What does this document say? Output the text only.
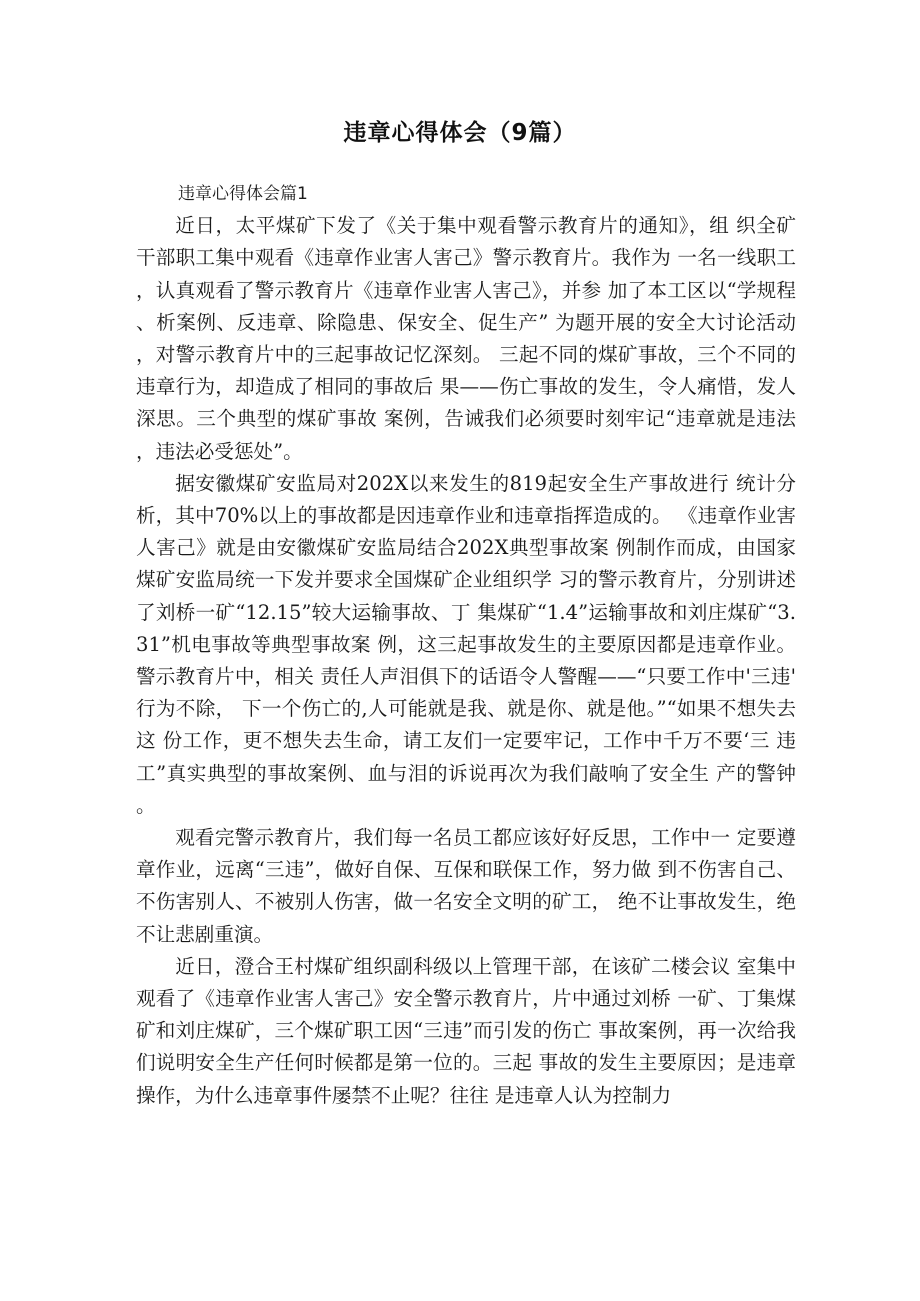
违章心得体会（9篇）
违章心得体会篇1

近日，太平煤矿下发了《关于集中观看警示教育片的通知》，组 织全矿干部职工集中观看《违章作业害人害己》警示教育片。我作为 一名一线职工，认真观看了警示教育片《违章作业害人害己》，并参 加了本工区以“学规程、析案例、反违章、除隐患、保安全、促生产” 为题开展的安全大讨论活动，对警示教育片中的三起事故记忆深刻。 三起不同的煤矿事故，三个不同的违章行为，却造成了相同的事故后 果——伤亡事故的发生，令人痛惜，发人深思。三个典型的煤矿事故 案例，告诫我们必须要时刻牢记“违章就是违法，违法必受惩处”。

据安徽煤矿安监局对202X以来发生的819起安全生产事故进行 统计分析，其中70%以上的事故都是因违章作业和违章指挥造成的。 《违章作业害人害己》就是由安徽煤矿安监局结合202X典型事故案 例制作而成，由国家煤矿安监局统一下发并要求全国煤矿企业组织学 习的警示教育片，分别讲述了刘桥一矿“12.15”较大运输事故、丁 集煤矿“1.4”运输事故和刘庄煤矿“3.31”机电事故等典型事故案 例，这三起事故发生的主要原因都是违章作业。警示教育片中，相关 责任人声泪俱下的话语令人警醒——“只要工作中'三违'行为不除， 下一个伤亡的,人可能就是我、就是你、就是他。”“如果不想失去这 份工作，更不想失去生命，请工友们一定要牢记，工作中千万不要‘三 违工”真实典型的事故案例、血与泪的诉说再次为我们敲响了安全生 产的警钟。

观看完警示教育片，我们每一名员工都应该好好反思，工作中一 定要遵章作业，远离“三违”，做好自保、互保和联保工作，努力做 到不伤害自己、不伤害别人、不被别人伤害，做一名安全文明的矿工， 绝不让事故发生，绝不让悲剧重演。

近日，澄合王村煤矿组织副科级以上管理干部，在该矿二楼会议 室集中观看了《违章作业害人害己》安全警示教育片，片中通过刘桥 一矿、丁集煤矿和刘庄煤矿，三个煤矿职工因“三违”而引发的伤亡 事故案例，再一次给我们说明安全生产任何时候都是第一位的。三起 事故的发生主要原因；是违章操作，为什么违章事件屡禁不止呢？往往 是违章人认为控制力
